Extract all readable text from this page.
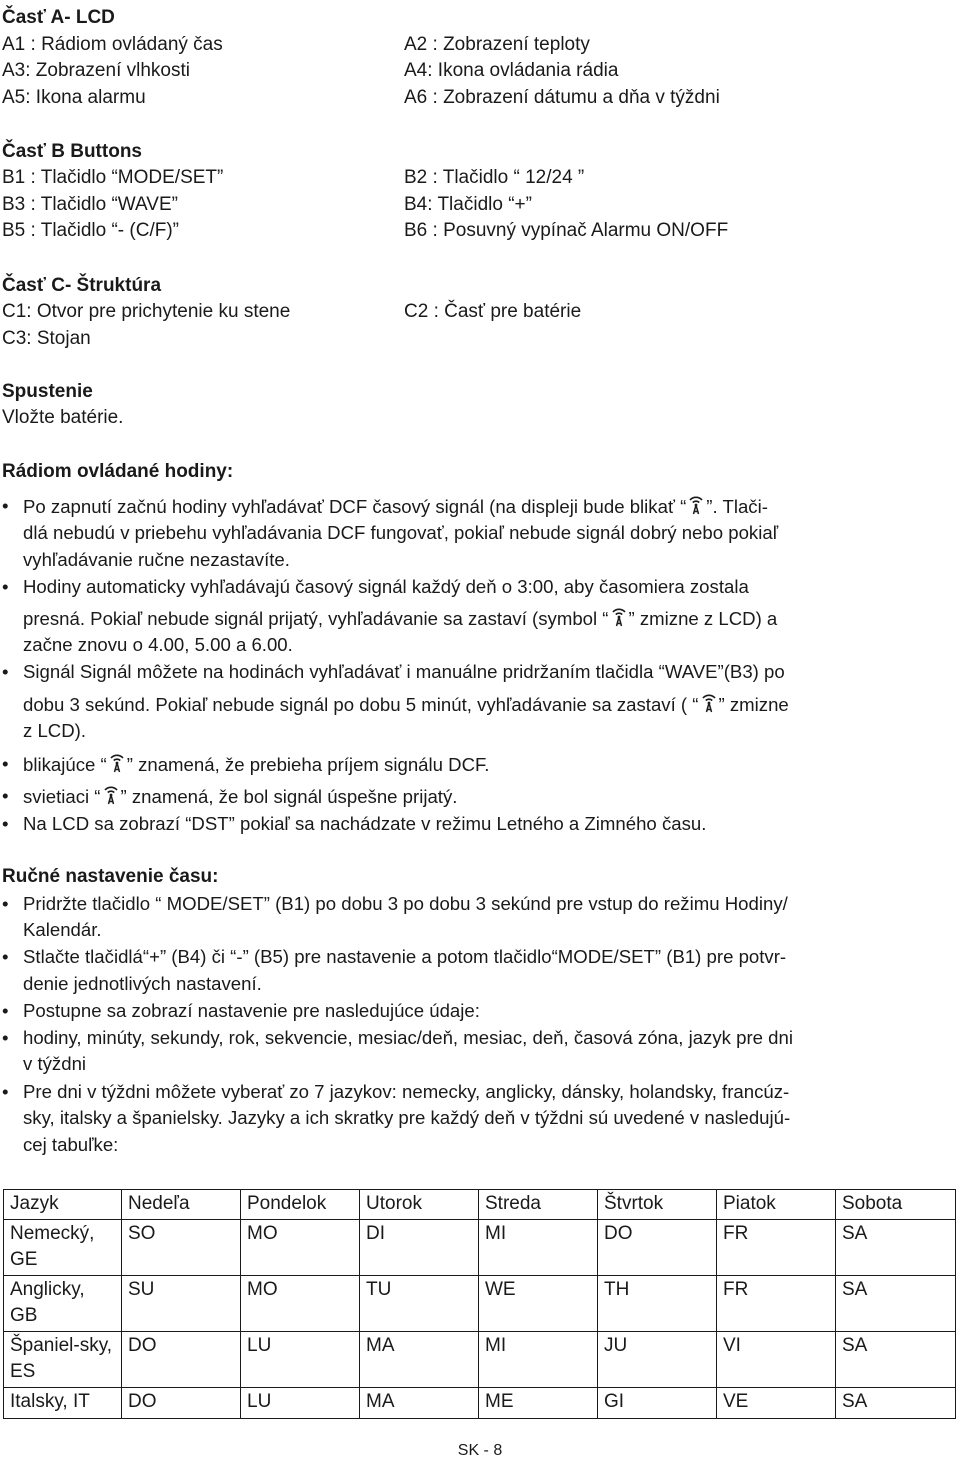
Časť A- LCD
A1 : Rádiom ovládaný čas	A2 : Zobrazení teploty
A3: Zobrazení vlhkosti	A4: Ikona ovládania rádia
A5: Ikona alarmu	A6 : Zobrazení dátumu a dňa v týždni
Časť B Buttons
B1 : Tlačidlo “MODE/SET”	B2 : Tlačidlo “ 12/24 ”
B3 : Tlačidlo “WAVE”	B4: Tlačidlo “+”
B5 : Tlačidlo “- (C/F)”	B6 : Posuvný vypínač Alarmu ON/OFF
Časť C- Štruktúra
C1: Otvor pre prichytenie ku stene	C2 : Časť pre batérie
C3: Stojan
Spustenie
Vložte batérie.
Rádiom ovládané hodiny:
• Po zapnutí začnú hodiny vyhľadávať DCF časový signál (na displeji bude blikať “ ”. Tlači-
dlá nebudú v priebehu vyhľadávania DCF fungovať, pokiaľ nebude signál dobrý nebo pokiaľ
vyhľadávanie ručne nezastavíte.
• Hodiny automaticky vyhľadávajú časový signál každý deň o 3:00, aby časomiera zostala
presná. Pokiaľ nebude signál prijatý, vyhľadávanie sa zastaví (symbol “ ” zmizne z LCD) a
začne znovu o 4.00, 5.00 a 6.00.
• Signál Signál môžete na hodinách vyhľadávať i manuálne pridržaním tlačidla “WAVE”(B3) po
dobu 3 sekúnd. Pokiaľ nebude signál po dobu 5 minút, vyhľadávanie sa zastaví ( “ ” zmizne
z LCD).
• blikajúce “ ” znamená, že prebieha príjem signálu DCF.
• svietiaci “ ” znamená, že bol signál úspešne prijatý.
• Na LCD sa zobrazí “DST” pokiaľ sa nachádzate v režimu Letného a Zimného času.
Ručné nastavenie času:
• Pridržte tlačidlo “ MODE/SET” (B1) po dobu 3 po dobu 3 sekúnd pre vstup do režimu Hodiny/
Kalendár.
• Stlačte tlačidlá“+” (B4) či “-” (B5) pre nastavenie a potom tlačidlo“MODE/SET” (B1) pre potvr-
denie jednotlivých nastavení.
• Postupne sa zobrazí nastavenie pre nasledujúce údaje:
• hodiny, minúty, sekundy, rok, sekvencie, mesiac/deň, mesiac, deň, časová zóna, jazyk pre dni
v týždni
• Pre dni v týždni môžete vyberať zo 7 jazykov: nemecky, anglicky, dánsky, holandsky, francúz-
sky, italsky a španielsky. Jazyky a ich skratky pre každý deň v týždni sú uvedené v nasledujú-
cej tabuľke:
Jazyk	Nedeľa	Pondelok	Utorok	Streda	Štvrtok	Piatok	Sobota
Nemecký, GE	SO	MO	DI	MI	DO	FR	SA
Anglicky, GB	SU	MO	TU	WE	TH	FR	SA
Španiel-sky, ES	DO	LU	MA	MI	JU	VI	SA
Italsky, IT	DO	LU	MA	ME	GI	VE	SA
SK - 8
